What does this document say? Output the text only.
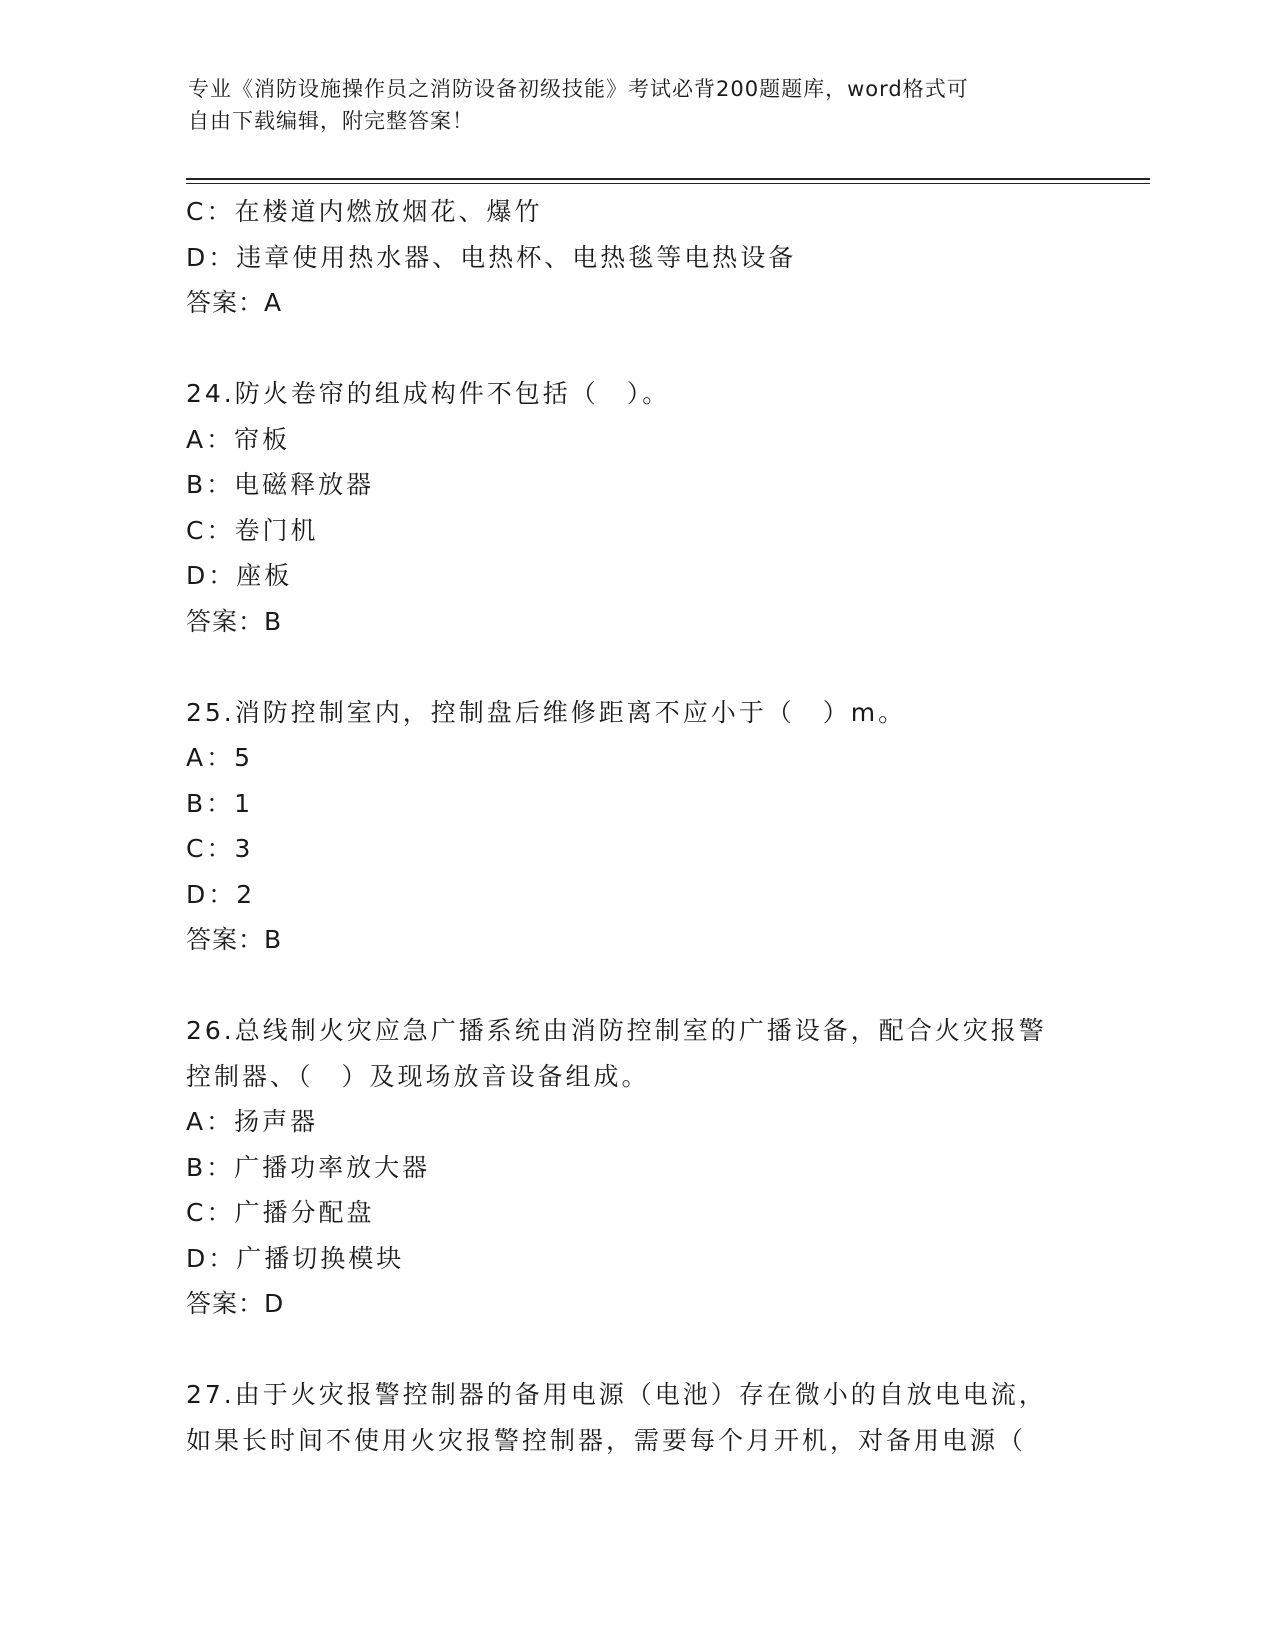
专业《消防设施操作员之消防设备初级技能》考试必背200题题库，word格式可
自由下载编辑，附完整答案！
C：在楼道内燃放烟花、爆竹
D：违章使用热水器、电热杯、电热毯等电热设备
答案：A
24.防火卷帘的组成构件不包括（　）。
A：帘板
B：电磁释放器
C：卷门机
D：座板
答案：B
25.消防控制室内，控制盘后维修距离不应小于（　）m。
A：5
B：1
C：3
D：2
答案：B
26.总线制火灾应急广播系统由消防控制室的广播设备，配合火灾报警
控制器、（　）及现场放音设备组成。
A：扬声器
B：广播功率放大器
C：广播分配盘
D：广播切换模块
答案：D
27.由于火灾报警控制器的备用电源（电池）存在微小的自放电电流，
如果长时间不使用火灾报警控制器，需要每个月开机，对备用电源（
